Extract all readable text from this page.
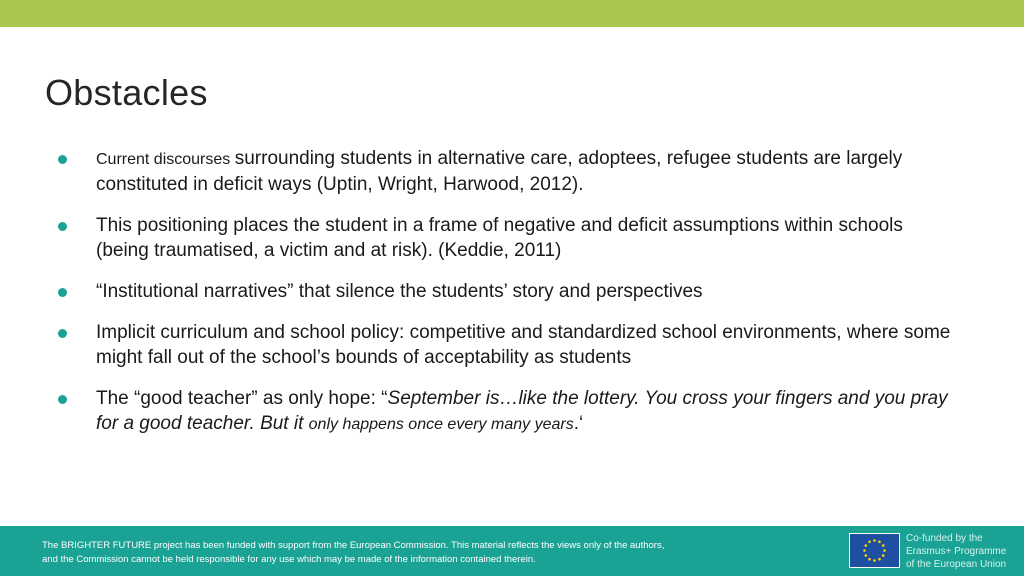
Obstacles
Current discourses surrounding students in alternative care, adoptees, refugee students are largely constituted in deficit ways (Uptin, Wright, Harwood, 2012).
This positioning places the student in a frame of negative and deficit assumptions within schools (being traumatised, a victim and at risk). (Keddie, 2011)
“Institutional narratives” that silence the students’ story and perspectives
Implicit curriculum and school policy: competitive and standardized school environments, where some might fall out of the school’s bounds of acceptability as students
The “good teacher” as only hope: “September is…like the lottery. You cross your fingers and you pray for a good teacher. But it only happens once every many years.‘
The BRIGHTER FUTURE project has been funded with support from the European Commission. This material reflects the views only of the authors,
and the Commission cannot be held responsible for any use which may be made of the information contained therein.
Co-funded by the
Erasmus+ Programme
of the European Union
